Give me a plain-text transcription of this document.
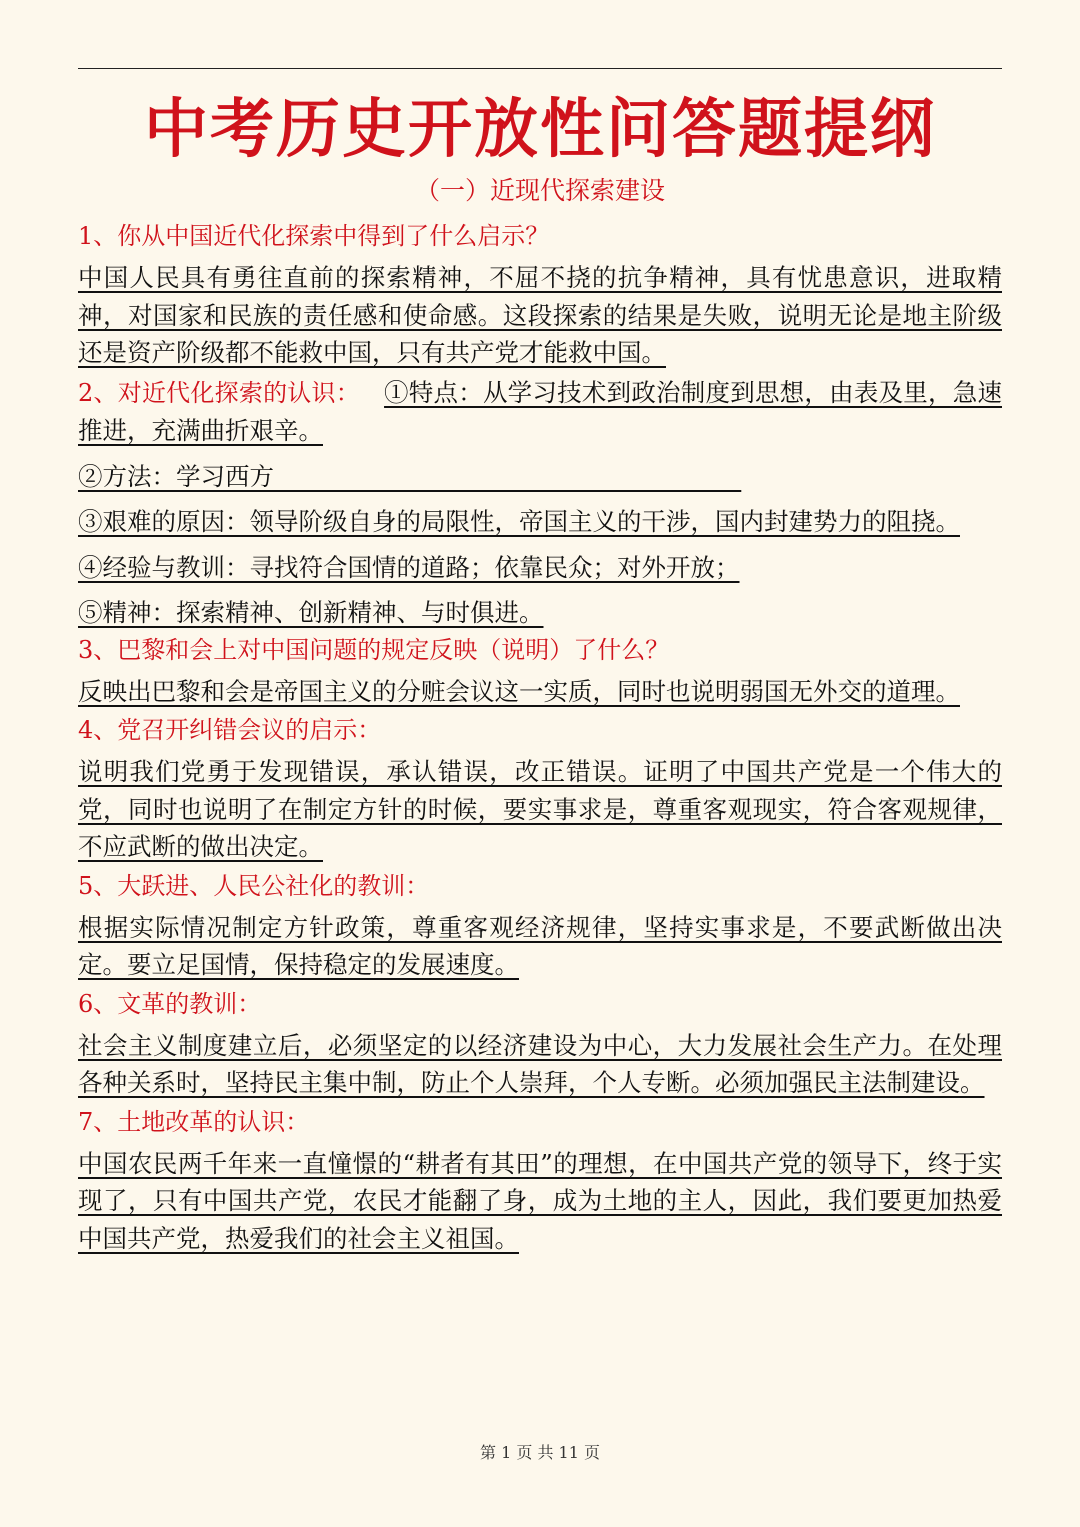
中考历史开放性问答题提纲
（一）近现代探索建设
1、你从中国近代化探索中得到了什么启示？
中国人民具有勇往直前的探索精神，不屈不挠的抗争精神，具有忧患意识，进取精神，对国家和民族的责任感和使命感。这段探索的结果是失败，说明无论是地主阶级还是资产阶级都不能救中国，只有共产党才能救中国。
2、对近代化探索的认识： ①特点：从学习技术到政治制度到思想，由表及里，急速推进，充满曲折艰辛。
②方法：学习西方
③艰难的原因：领导阶级自身的局限性，帝国主义的干涉，国内封建势力的阻挠。
④经验与教训：寻找符合国情的道路；依靠民众；对外开放；
⑤精神：探索精神、创新精神、与时俱进。
3、巴黎和会上对中国问题的规定反映（说明）了什么？
反映出巴黎和会是帝国主义的分赃会议这一实质，同时也说明弱国无外交的道理。
4、党召开纠错会议的启示：
说明我们党勇于发现错误，承认错误，改正错误。证明了中国共产党是一个伟大的党，同时也说明了在制定方针的时候，要实事求是，尊重客观现实，符合客观规律，不应武断的做出决定。
5、大跃进、人民公社化的教训：
根据实际情况制定方针政策，尊重客观经济规律，坚持实事求是，不要武断做出决定。要立足国情，保持稳定的发展速度。
6、文革的教训：
社会主义制度建立后，必须坚定的以经济建设为中心，大力发展社会生产力。在处理各种关系时，坚持民主集中制，防止个人崇拜，个人专断。必须加强民主法制建设。
7、土地改革的认识：
中国农民两千年来一直憧憬的“耕者有其田”的理想，在中国共产党的领导下，终于实现了，只有中国共产党，农民才能翻了身，成为土地的主人，因此，我们要更加热爱中国共产党，热爱我们的社会主义祖国。
第 1 页 共 11 页
